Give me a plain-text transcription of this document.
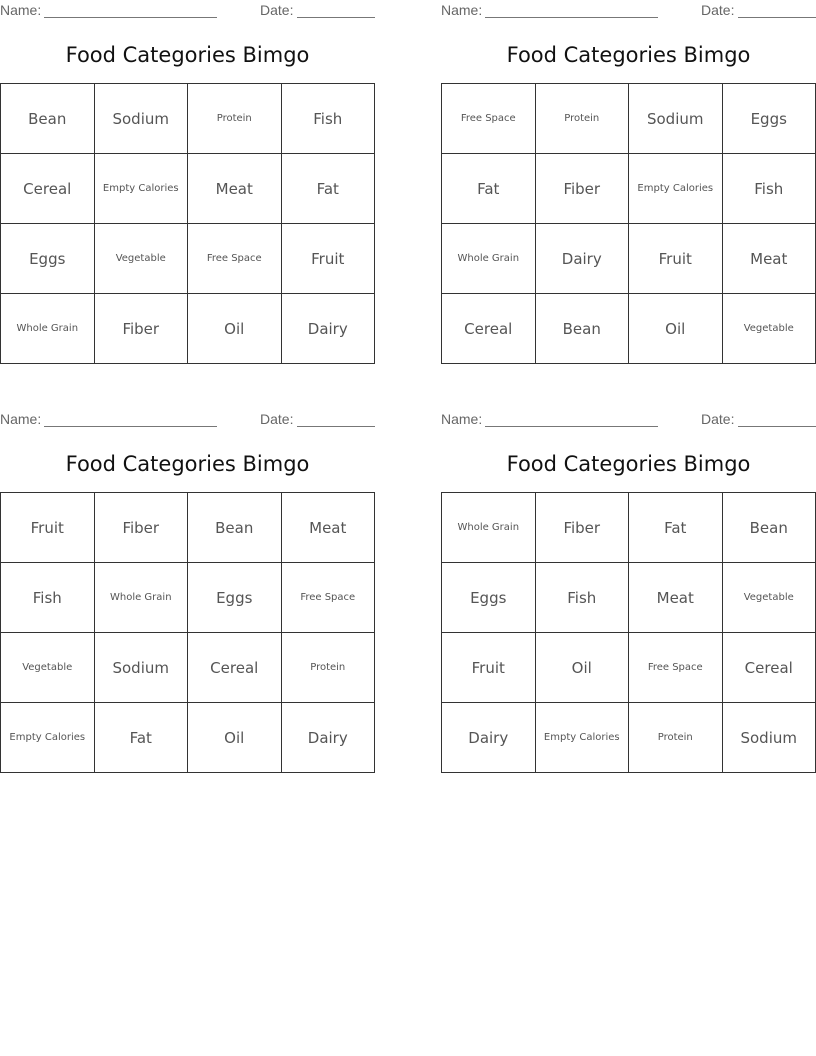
Name:	Date:
Food Categories Bimgo
Bean	Sodium	Protein	Fish
Cereal	Empty Calories	Meat	Fat
Eggs	Vegetable	Free Space	Fruit
Whole Grain	Fiber	Oil	Dairy
Name:	Date:
Food Categories Bimgo
Free Space	Protein	Sodium	Eggs
Fat	Fiber	Empty Calories	Fish
Whole Grain	Dairy	Fruit	Meat
Cereal	Bean	Oil	Vegetable
Name:	Date:
Food Categories Bimgo
Fruit	Fiber	Bean	Meat
Fish	Whole Grain	Eggs	Free Space
Vegetable	Sodium	Cereal	Protein
Empty Calories	Fat	Oil	Dairy
Name:	Date:
Food Categories Bimgo
Whole Grain	Fiber	Fat	Bean
Eggs	Fish	Meat	Vegetable
Fruit	Oil	Free Space	Cereal
Dairy	Empty Calories	Protein	Sodium
